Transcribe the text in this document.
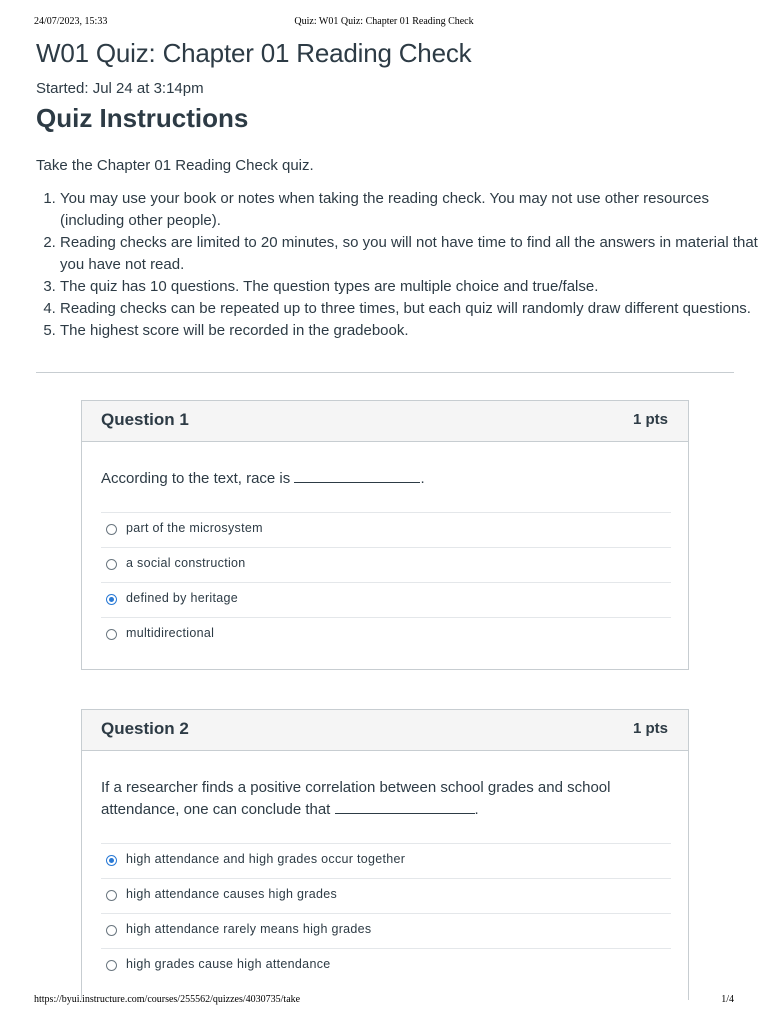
24/07/2023, 15:33	Quiz: W01 Quiz: Chapter 01 Reading Check
W01 Quiz: Chapter 01 Reading Check
Started: Jul 24 at 3:14pm
Quiz Instructions
Take the Chapter 01 Reading Check quiz.
1. You may use your book or notes when taking the reading check. You may not use other resources (including other people).
2. Reading checks are limited to 20 minutes, so you will not have time to find all the answers in material that you have not read.
3. The quiz has 10 questions. The question types are multiple choice and true/false.
4. Reading checks can be repeated up to three times, but each quiz will randomly draw different questions.
5. The highest score will be recorded in the gradebook.
Question 1	1 pts
According to the text, race is	.
part of the microsystem
a social construction
defined by heritage
multidirectional
Question 2	1 pts
If a researcher finds a positive correlation between school grades and school attendance, one can conclude that	.
high attendance and high grades occur together
high attendance causes high grades
high attendance rarely means high grades
high grades cause high attendance
https://byui.instructure.com/courses/255562/quizzes/4030735/take	1/4
